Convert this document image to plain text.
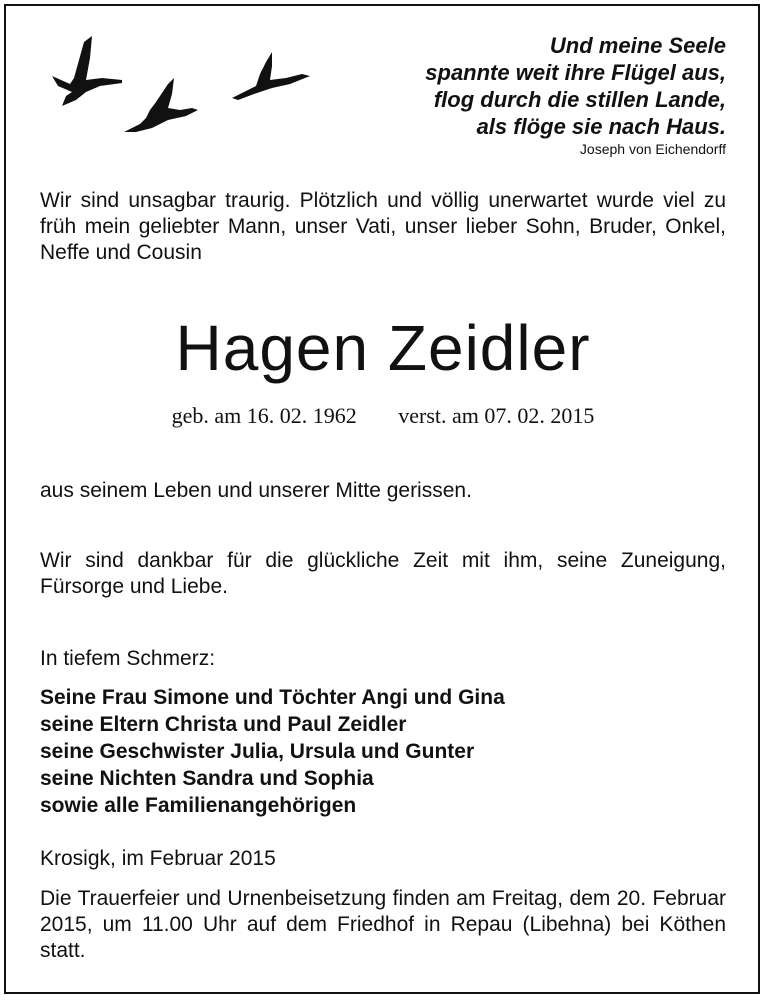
Und meine Seele
spannte weit ihre Flügel aus,
flog durch die stillen Lande,
als flöge sie nach Haus.
Joseph von Eichendorff
Wir sind unsagbar traurig. Plötzlich und völlig unerwartet wurde viel zu früh mein geliebter Mann, unser Vati, unser lieber Sohn, Bruder, Onkel, Neffe und Cousin
Hagen Zeidler
geb. am 16. 02. 1962 verst. am 07. 02. 2015
aus seinem Leben und unserer Mitte gerissen.
Wir sind dankbar für die glückliche Zeit mit ihm, seine Zuneigung, Fürsorge und Liebe.
In tiefem Schmerz:
Seine Frau Simone und Töchter Angi und Gina
seine Eltern Christa und Paul Zeidler
seine Geschwister Julia, Ursula und Gunter
seine Nichten Sandra und Sophia
sowie alle Familienangehörigen
Krosigk, im Februar 2015
Die Trauerfeier und Urnenbeisetzung finden am Freitag, dem 20. Februar 2015, um 11.00 Uhr auf dem Friedhof in Repau (Libehna) bei Köthen statt.
